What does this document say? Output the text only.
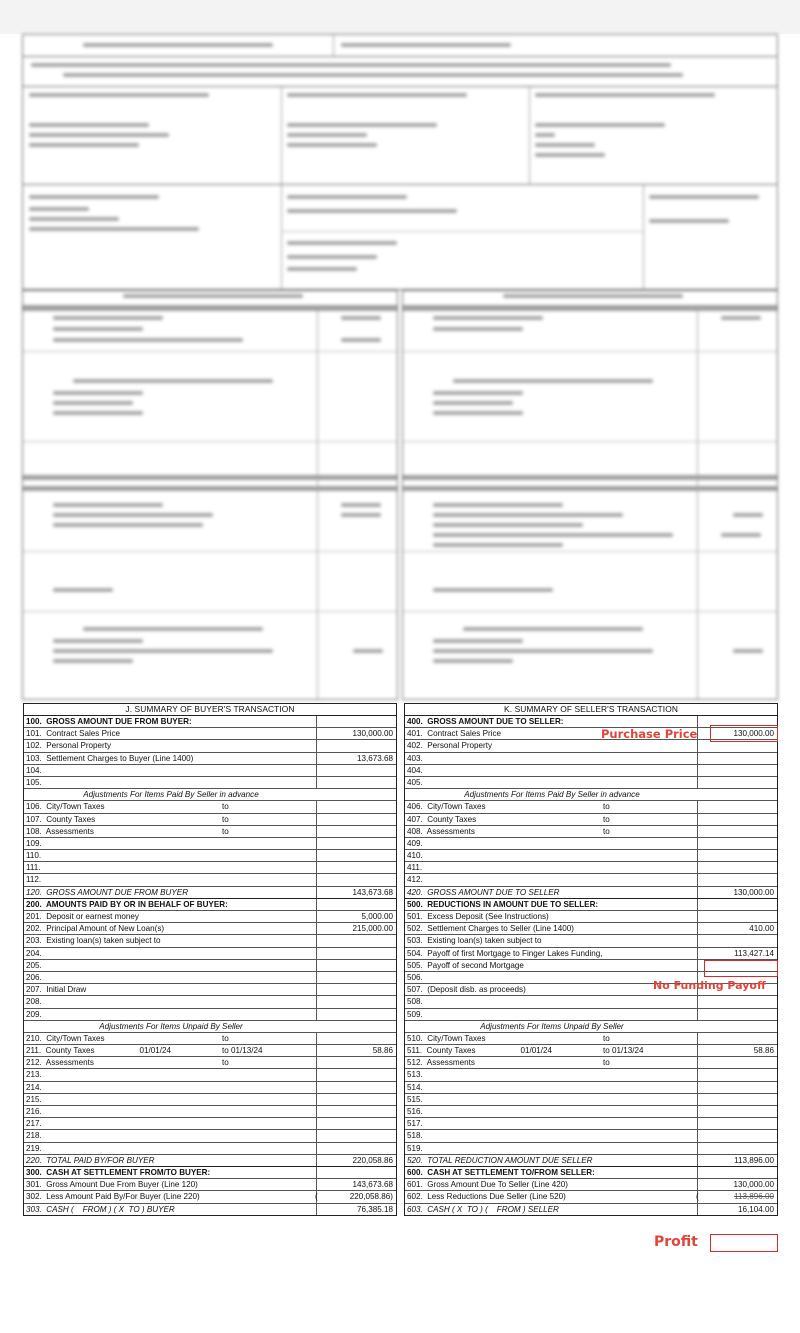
J. SUMMARY OF BUYER'S TRANSACTION
100.  GROSS AMOUNT DUE FROM BUYER:
101.  Contract Sales Price	130,000.00
102.  Personal Property
103.  Settlement Charges to Buyer (Line 1400)	13,673.68
104.
105.
Adjustments For Items Paid By Seller in advance
106.  City/Town Taxes	to
107.  County Taxes	to
108.  Assessments	to
109.
110.
111.
112.
120.  GROSS AMOUNT DUE FROM BUYER	143,673.68
200.  AMOUNTS PAID BY OR IN BEHALF OF BUYER:
201.  Deposit or earnest money	5,000.00
202.  Principal Amount of New Loan(s)	215,000.00
203.  Existing loan(s) taken subject to
204.
205.
206.
207.  Initial Draw
208.
209.
Adjustments For Items Unpaid By Seller
210.  City/Town Taxes	to
211.  County Taxes                    01/01/24	to 01/13/24	58.86
212.  Assessments	to
213.
214.
215.
216.
217.
218.
219.
220.  TOTAL PAID BY/FOR BUYER	220,058.86
300.  CASH AT SETTLEMENT FROM/TO BUYER:
301.  Gross Amount Due From Buyer (Line 120)	143,673.68
302.  Less Amount Paid By/For Buyer (Line 220)	(	220,058.86)
303.  CASH (    FROM ) ( X  TO ) BUYER	76,385.18
K. SUMMARY OF SELLER'S TRANSACTION
400.  GROSS AMOUNT DUE TO SELLER:
401.  Contract Sales Price	130,000.00
402.  Personal Property
403.
404.
405.
Adjustments For Items Paid By Seller in advance
406.  City/Town Taxes	to
407.  County Taxes	to
408.  Assessments	to
409.
410.
411.
412.
420.  GROSS AMOUNT DUE TO SELLER	130,000.00
500.  REDUCTIONS IN AMOUNT DUE TO SELLER:
501.  Excess Deposit (See Instructions)
502.  Settlement Charges to Seller (Line 1400)	410.00
503.  Existing loan(s) taken subject to
504.  Payoff of first Mortgage to Finger Lakes Funding,	113,427.14
505.  Payoff of second Mortgage
506.
507.  (Deposit disb. as proceeds)
508.
509.
Adjustments For Items Unpaid By Seller
510.  City/Town Taxes	to
511.  County Taxes                    01/01/24	to 01/13/24	58.86
512.  Assessments	to
513.
514.
515.
516.
517.
518.
519.
520.  TOTAL REDUCTION AMOUNT DUE SELLER	113,896.00
600.  CASH AT SETTLEMENT TO/FROM SELLER:
601.  Gross Amount Due To Seller (Line 420)	130,000.00
602.  Less Reductions Due Seller (Line 520)	(	113,896.00
603.  CASH ( X  TO ) (    FROM ) SELLER	16,104.00
Purchase Price
No Funding Payoff
Profit
